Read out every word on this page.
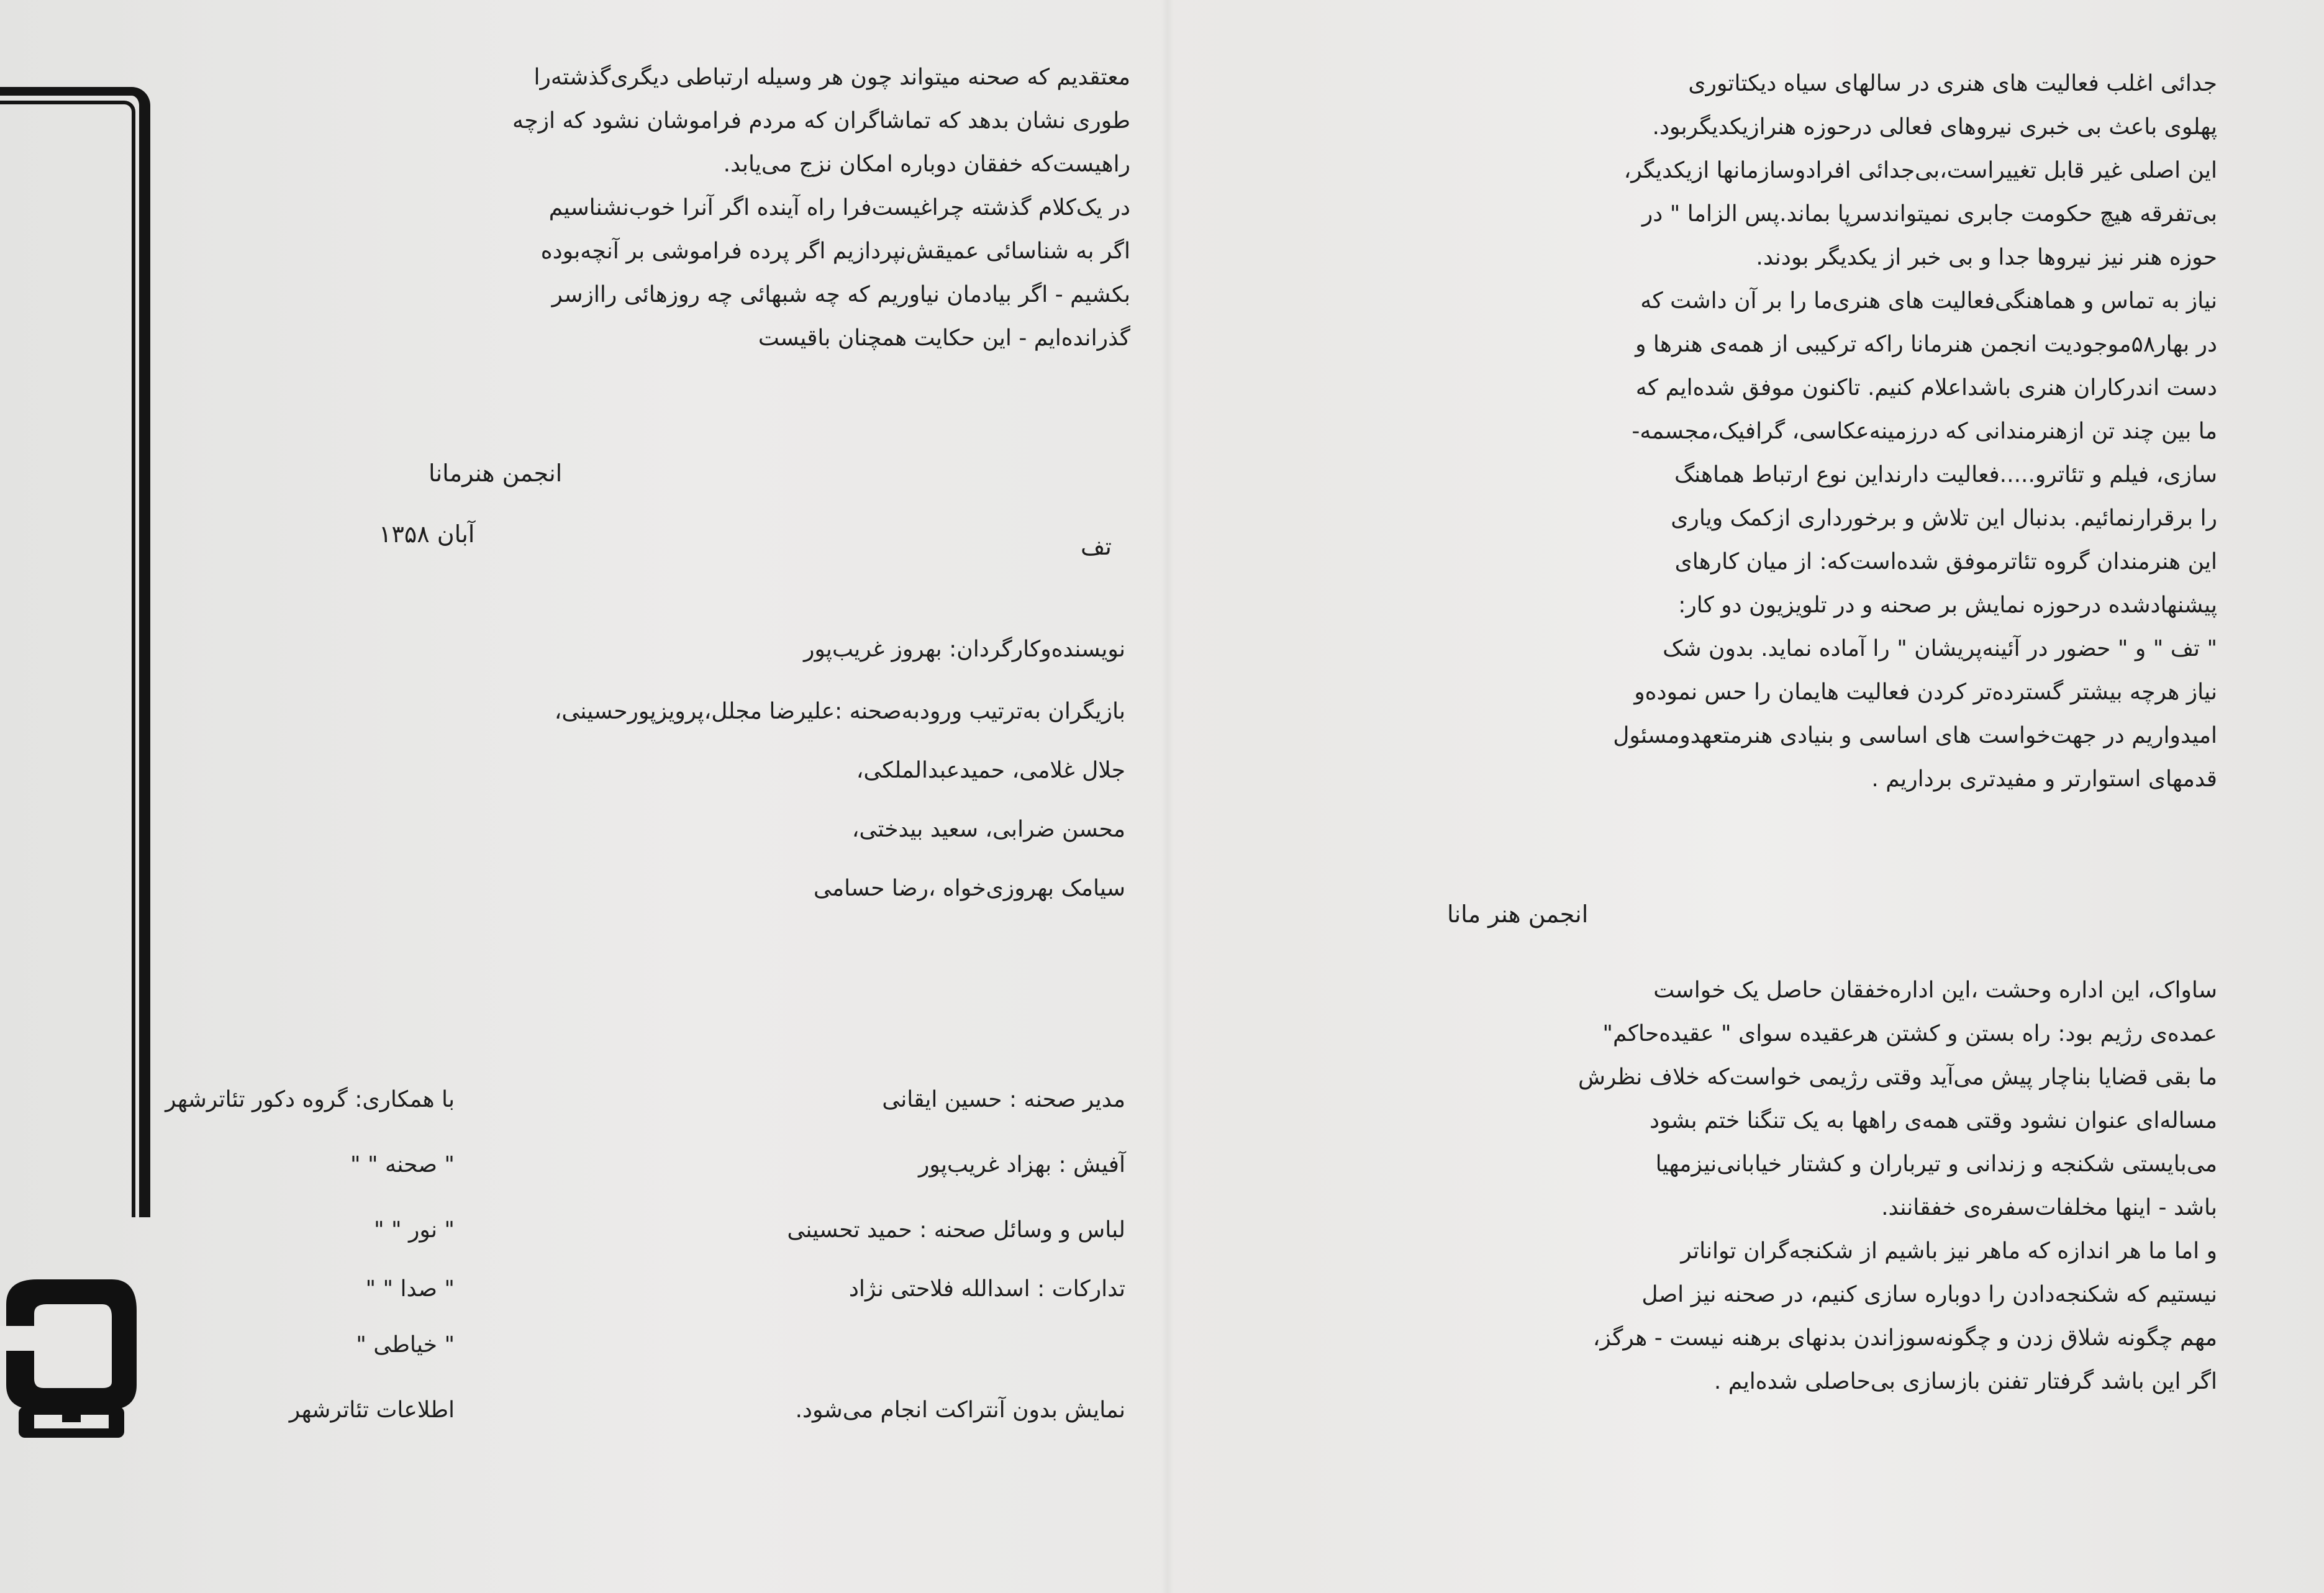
جدائی اغلب فعالیت های هنری در سالهای سیاه دیکتاتوری
پهلوی باعث بی خبری نیروهای فعالی درحوزه هنرازیکدیگربود.
این اصلی غیر قابل تغییراست،بی‌جدائی افرادوسازمانها ازیکدیگر،
بی‌تفرقه هیچ حکومت جابری نمیتواندسرپا بماند.پس الزاما " در
حوزه هنر نیز نیروها جدا و بی خبر از یکدیگر بودند.
نیاز به تماس و هماهنگی‌فعالیت های هنری‌ما را بر آن داشت که
در بهار۵۸موجودیت انجمن هنرمانا راکه ترکیبی از همه‌ی هنرها و
دست اندرکاران هنری باشداعلام کنیم. تاکنون موفق شده‌ایم که
ما بین چند تن ازهنرمندانی که درزمینه‌عکاسی، گرافیک،مجسمه-
سازی، فیلم و تئاترو.....فعالیت دارنداین نوع ارتباط هماهنگ
را برقرارنمائیم. بدنبال این تلاش و برخورداری ازکمک ویاری
این هنرمندان گروه تئاترموفق شده‌است‌که: از میان کارهای
پیشنهادشده درحوزه نمایش بر صحنه و در تلویزیون دو کار:
" تف " و " حضور در آئینه‌پریشان " را آماده نماید. بدون شک
نیاز هرچه بیشتر گسترده‌تر کردن فعالیت هایمان را حس نموده‌و
امیدواریم در جهت‌خواست های اساسی و بنیادی هنرمتعهدومسئول
قدمهای استوارتر و مفیدتری برداریم .
انجمن هنر مانا
ساواک، این اداره وحشت ،این اداره‌خفقان حاصل یک خواست
عمده‌ی رژیم بود: راه بستن و کشتن هرعقیده سوای " عقیده‌حاکم"
ما بقی قضایا بناچار پیش می‌آید وقتی رژیمی خواست‌که خلاف نظرش
مساله‌ای عنوان نشود وقتی همه‌ی راهها به یک تنگنا ختم بشود
می‌بایستی شکنجه و زندانی و تیرباران و کشتار خیابانی‌نیزمهیا
باشد - اینها مخلفات‌سفره‌ی خفقانند.
و اما ما هر اندازه که ماهر نیز باشیم از شکنجه‌گران تواناتر
نیستیم که شکنجه‌دادن را دوباره سازی کنیم، در صحنه نیز اصل
مهم چگونه شلاق زدن و چگونه‌سوزاندن بدنهای برهنه نیست - هرگز،
اگر این باشد گرفتار تفنن بازسازی بی‌حاصلی شده‌ایم .
معتقدیم که صحنه میتواند چون هر وسیله ارتباطی دیگری‌گذشته‌را
طوری نشان بدهد که تماشاگران که مردم فراموشان نشود که ازچه
راهیست‌که خفقان دوباره امکان نزج می‌یابد.
در یک‌کلام گذشته چراغیست‌فرا راه آینده اگر آنرا خوب‌نشناسیم
اگر به شناسائی عمیقش‌نپردازیم اگر پرده فراموشی بر آنچه‌بوده
بکشیم - اگر بیادمان نیاوریم که چه شبهائی چه روزهائی راازسر
گذرانده‌ایم - این حکایت همچنان باقیست
انجمن هنرمانا
آبان ۱۳۵۸	تف
نویسنده‌وکارگردان: بهروز غریب‌پور
بازیگران به‌ترتیب ورودبه‌صحنه :علیرضا مجلل،پرویزپورحسینی،
جلال غلامی، حمیدعبدالملکی،
محسن ضرابی، سعید بیدختی،
سیامک بهروزی‌خواه ،رضا حسامی
مدیر صحنه : حسین ایقانی
با همکاری: گروه دکور تئاترشهر
آفیش : بهزاد غریب‌پور
" صحنه " "
لباس و وسائل صحنه : حمید تحسینی
" نور " "
تدارکات : اسدالله فلاحتی نژاد
" صدا " "
" خیاطی "
نمایش بدون آنتراکت انجام می‌شود.
اطلاعات تئاترشهر
